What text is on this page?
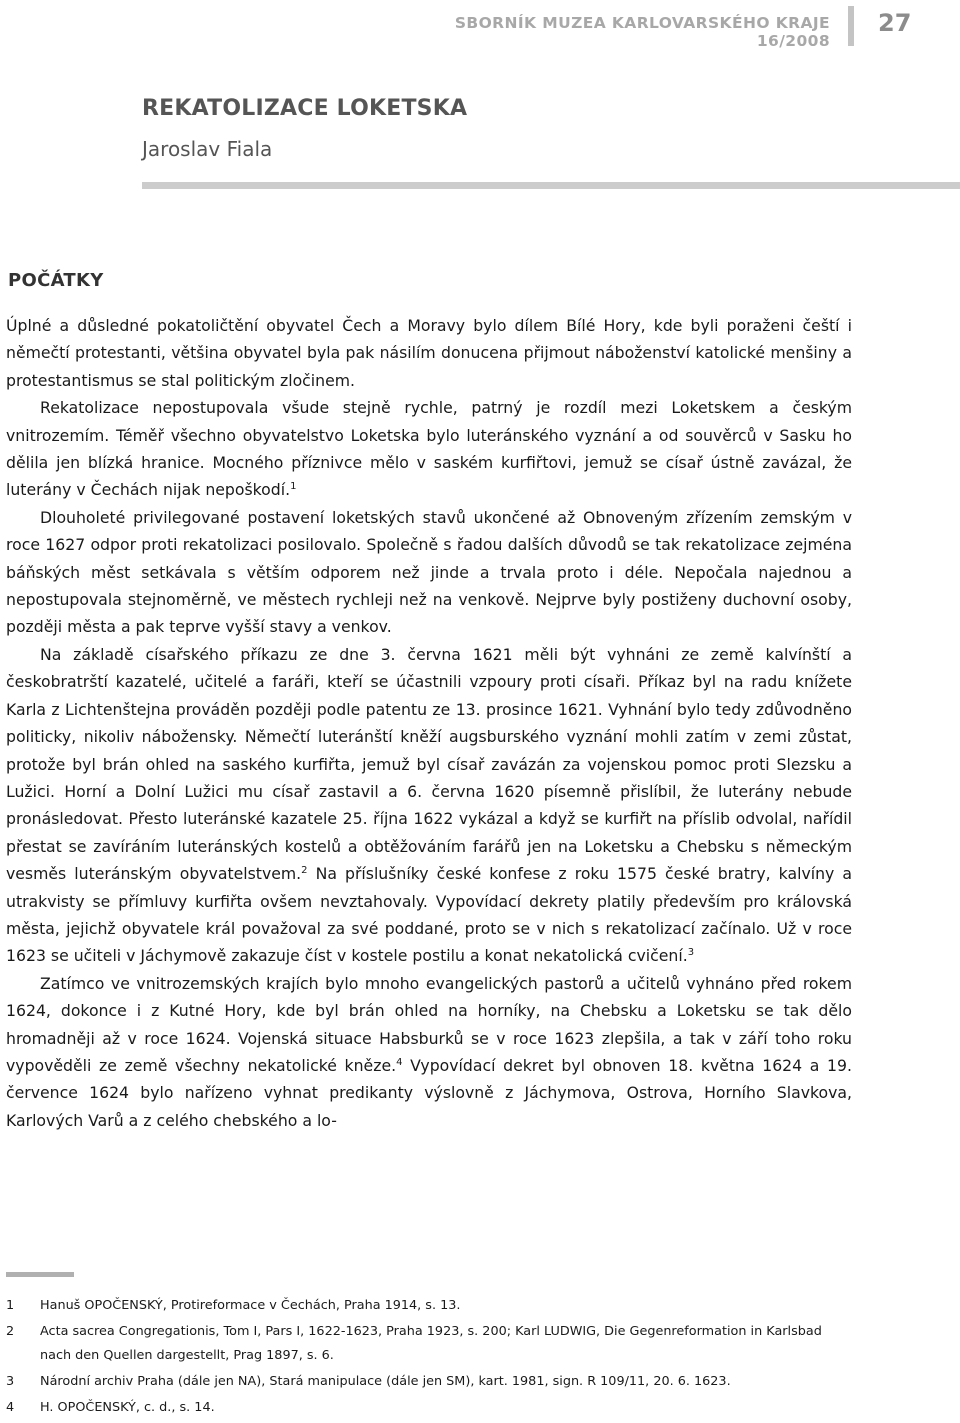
SBORNÍK MUZEA KARLOVARSKÉHO KRAJE 16/2008
27
REKATOLIZACE LOKETSKA
Jaroslav Fiala
POČÁTKY

Úplné a důsledné pokatoličtění obyvatel Čech a Moravy bylo dílem Bílé Hory, kde byli poraženi čeští i němečtí protestanti, většina obyvatel byla pak násilím donucena přijmout náboženství katolické menšiny a protestantismus se stal politickým zločinem.

Rekatolizace nepostupovala všude stejně rychle, patrný je rozdíl mezi Loketskem a českým vnitrozemím. Téměř všechno obyvatelstvo Loketska bylo luteránského vyznání a od souvěrců v Sasku ho dělila jen blízká hranice. Mocného příznivce mělo v saském kurfiřtovi, jemuž se císař ústně zavázal, že luterány v Čechách nijak nepoškodí.$^1$

Dlouholeté privilegované postavení loketských stavů ukončené až Obnoveným zřízením zemským v roce 1627 odpor proti rekatolizaci posilovalo. Společně s řadou dalších důvodů se tak rekatolizace zejména báňských měst setkávala s větším odporem než jinde a trvala proto i déle. Nepočala najednou a nepostupovala stejnoměrně, ve městech rychleji než na venkově. Nejprve byly postiženy duchovní osoby, později města a pak teprve vyšší stavy a venkov.

Na základě císařského příkazu ze dne 3. června 1621 měli být vyhnáni ze země kalvínští a českobratrští kazatelé, učitelé a faráři, kteří se účastnili vzpoury proti císaři. Příkaz byl na radu knížete Karla z Lichtenštejna prováděn později podle patentu ze 13. prosince 1621. Vyhnání bylo tedy zdůvodněno politicky, nikoliv nábožensky. Němečtí luteránští kněží augsburského vyznání mohli zatím v zemi zůstat, protože byl brán ohled na saského kurfiřta, jemuž byl císař zavázán za vojenskou pomoc proti Slezsku a Lužici. Horní a Dolní Lužici mu císař zastavil a 6. června 1620 písemně přislíbil, že luterány nebude pronásledovat. Přesto luteránské kazatele 25. října 1622 vykázal a když se kurfiřt na příslib odvolal, nařídil přestat se zavíráním luteránských kostelů a obtěžováním farářů jen na Loketsku a Chebsku s německým vesměs luteránským obyvatelstvem.$^2$ Na příslušníky české konfese z roku 1575 české bratry, kalvíny a utrakvisty se přímluvy kurfiřta ovšem nevztahovaly. Vypovídací dekrety platily především pro královská města, jejichž obyvatele král považoval za své poddané, proto se v nich s rekatolizací začínalo. Už v roce 1623 se učiteli v Jáchymově zakazuje číst v kostele postilu a konat nekatolická cvičení.$^3$

Zatímco ve vnitrozemských krajích bylo mnoho evangelických pastorů a učitelů vyhnáno před rokem 1624, dokonce i z Kutné Hory, kde byl brán ohled na horníky, na Chebsku a Loketsku se tak dělo hromadněji až v roce 1624. Vojenská situace Habsburků se v roce 1623 zlepšila, a tak v září toho roku vypověděli ze země všechny nekatolické kněze.$^4$ Vypovídací dekret byl obnoven 18. května 1624 a 19. července 1624 bylo nařízeno vyhnat predikanty výslovně z Jáchymova, Ostrova, Horního Slavkova, Karlových Varů a z celého chebského a lo-

1 Hanuš OPOČENSKÝ, Protireformace v Čechách, Praha 1914, s. 13.
2 Acta sacrea Congregationis, Tom I, Pars I, 1622-1623, Praha 1923, s. 200; Karl LUDWIG, Die Gegenreformation in Karlsbad nach den Quellen dargestellt, Prag 1897, s. 6.
3 Národní archiv Praha (dále jen NA), Stará manipulace (dále jen SM), kart. 1981, sign. R 109/11, 20. 6. 1623.
4 H. OPOČENSKÝ, c. d., s. 14.
